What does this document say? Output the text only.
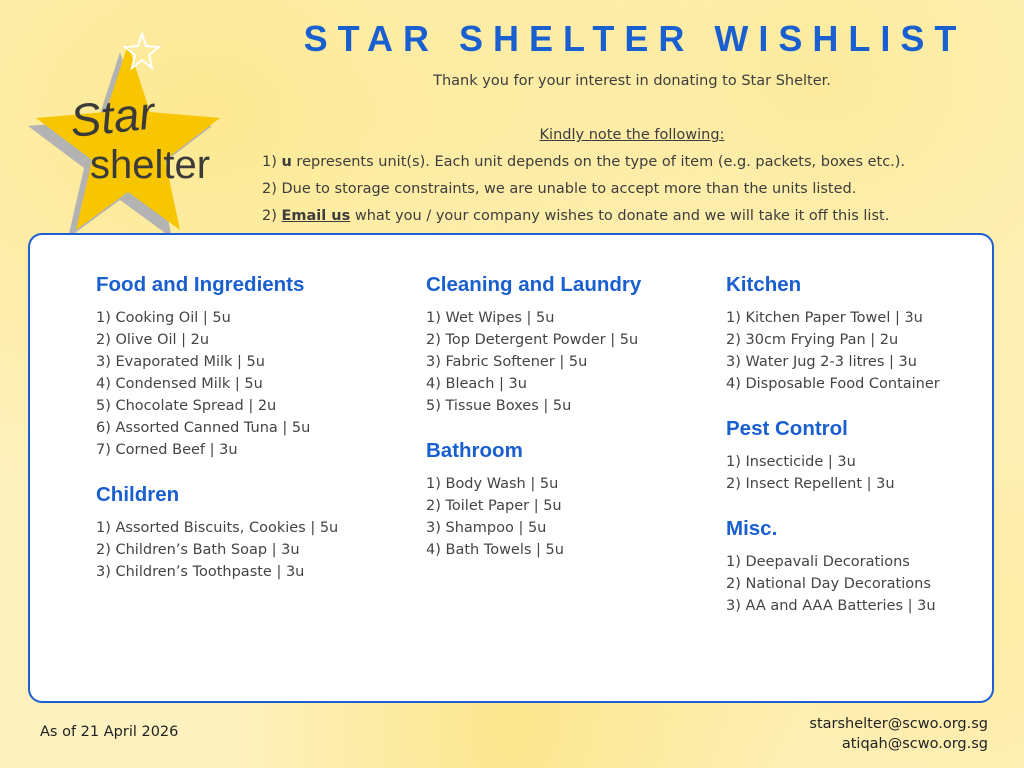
Star
shelter
STAR SHELTER WISHLIST
Thank you for your interest in donating to Star Shelter.
Kindly note the following:
1) u represents unit(s). Each unit depends on the type of item (e.g. packets, boxes etc.).
2) Due to storage constraints, we are unable to accept more than the units listed.
2) Email us what you / your company wishes to donate and we will take it off this list.
Food and Ingredients
1) Cooking Oil | 5u
2) Olive Oil | 2u
3) Evaporated Milk | 5u
4) Condensed Milk | 5u
5) Chocolate Spread | 2u
6) Assorted Canned Tuna | 5u
7) Corned Beef | 3u
Children
1) Assorted Biscuits, Cookies | 5u
2) Children’s Bath Soap | 3u
3) Children’s Toothpaste | 3u
Cleaning and Laundry
1) Wet Wipes | 5u
2) Top Detergent Powder | 5u
3) Fabric Softener | 5u
4) Bleach | 3u
5) Tissue Boxes | 5u
Bathroom
1) Body Wash | 5u
2) Toilet Paper | 5u
3) Shampoo | 5u
4) Bath Towels | 5u
Kitchen
1) Kitchen Paper Towel | 3u
2) 30cm Frying Pan | 2u
3) Water Jug 2-3 litres | 3u
4) Disposable Food Container
Pest Control
1) Insecticide | 3u
2) Insect Repellent | 3u
Misc.
1) Deepavali Decorations
2) National Day Decorations
3) AA and AAA Batteries | 3u
As of 21 April 2026	starshelter@scwo.org.sg
atiqah@scwo.org.sg
